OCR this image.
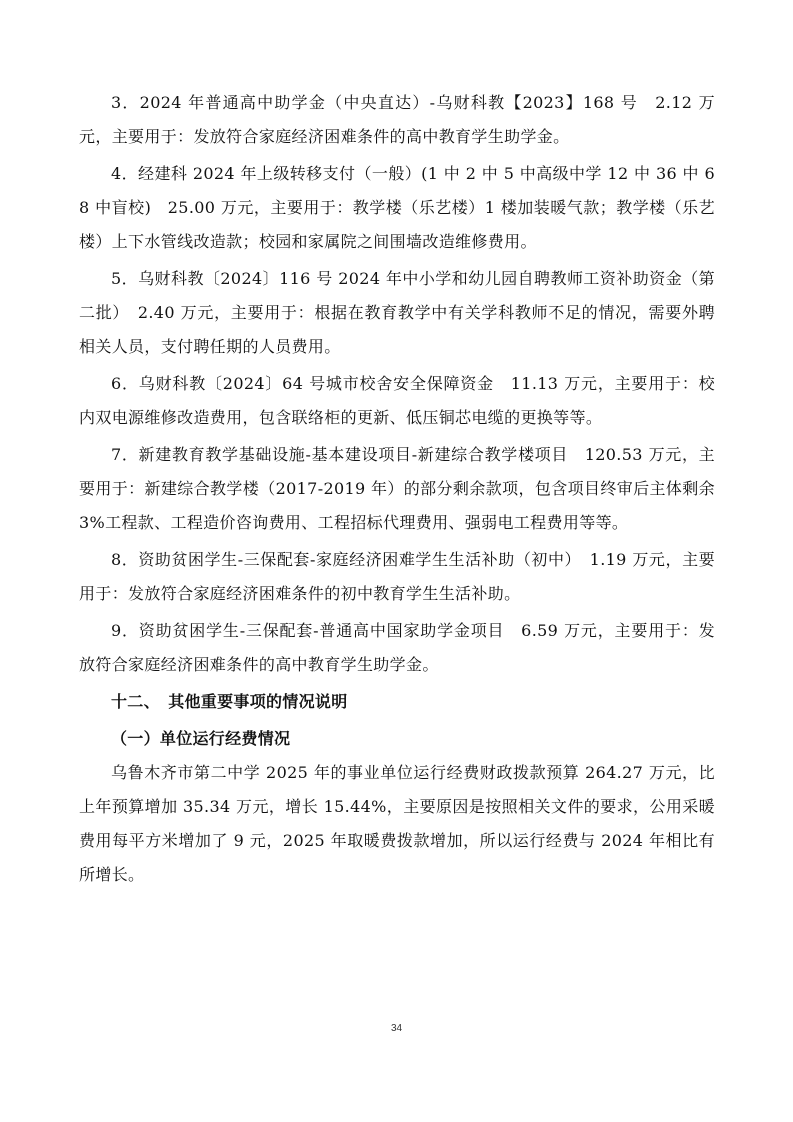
3．2024 年普通高中助学金（中央直达）-乌财科教【2023】168 号　2.12 万元，主要用于：发放符合家庭经济困难条件的高中教育学生助学金。

4．经建科 2024 年上级转移支付（一般）(1 中 2 中 5 中高级中学 12 中 36 中 68 中盲校)　25.00 万元，主要用于：教学楼（乐艺楼）1 楼加装暖气款；教学楼（乐艺楼）上下水管线改造款；校园和家属院之间围墙改造维修费用。

5．乌财科教〔2024〕116 号 2024 年中小学和幼儿园自聘教师工资补助资金（第二批）　2.40 万元，主要用于：根据在教育教学中有关学科教师不足的情况，需要外聘相关人员，支付聘任期的人员费用。

6．乌财科教〔2024〕64 号城市校舍安全保障资金　11.13 万元，主要用于：校内双电源维修改造费用，包含联络柜的更新、低压铜芯电缆的更换等等。

7．新建教育教学基础设施-基本建设项目-新建综合教学楼项目　120.53 万元，主要用于：新建综合教学楼（2017-2019 年）的部分剩余款项，包含项目终审后主体剩余 3%工程款、工程造价咨询费用、工程招标代理费用、强弱电工程费用等等。

8．资助贫困学生-三保配套-家庭经济困难学生生活补助（初中）　1.19 万元，主要用于：发放符合家庭经济困难条件的初中教育学生生活补助。

9．资助贫困学生-三保配套-普通高中国家助学金项目　6.59 万元，主要用于：发放符合家庭经济困难条件的高中教育学生助学金。

十二、　其他重要事项的情况说明

（一）单位运行经费情况

乌鲁木齐市第二中学 2025 年的事业单位运行经费财政拨款预算 264.27 万元，比上年预算增加 35.34 万元，增长 15.44%，主要原因是按照相关文件的要求，公用采暖费用每平方米增加了 9 元，2025 年取暖费拨款增加，所以运行经费与 2024 年相比有所增长。

34
